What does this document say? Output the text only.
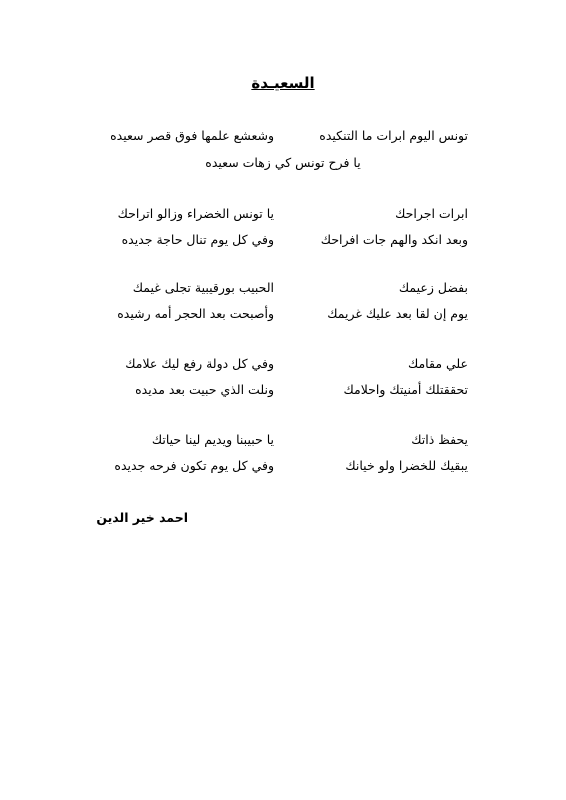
السعيـدة
تونس اليوم ابرات ما التنكيده
وشعشع علمها فوق قصر سعيده
يا فرح تونس كي زهات سعيده
ابرات اجراحك
يا تونس الخضراء وزالو اتراحك
وبعد انكد والهم جات افراحك
وفي كل يوم تنال حاجة جديده
بفضل زعيمك
الحبيب بورقيبية تجلى غيمك
يوم إن لقا بعد عليك غريمك
وأصبحت بعد الحجر أمه رشيده
علي مقامك
وفي كل دولة رفع ليك علامك
تحققتلك أمنيتك واحلامك
ونلت الذي حبيت بعد مديده
يحفظ ذاتك
يا حبيبنا ويديم لينا حياتك
يبقيك للخضرا ولو خيانك
وفي كل يوم تكون فرحه جديده
احمد خير الدين
